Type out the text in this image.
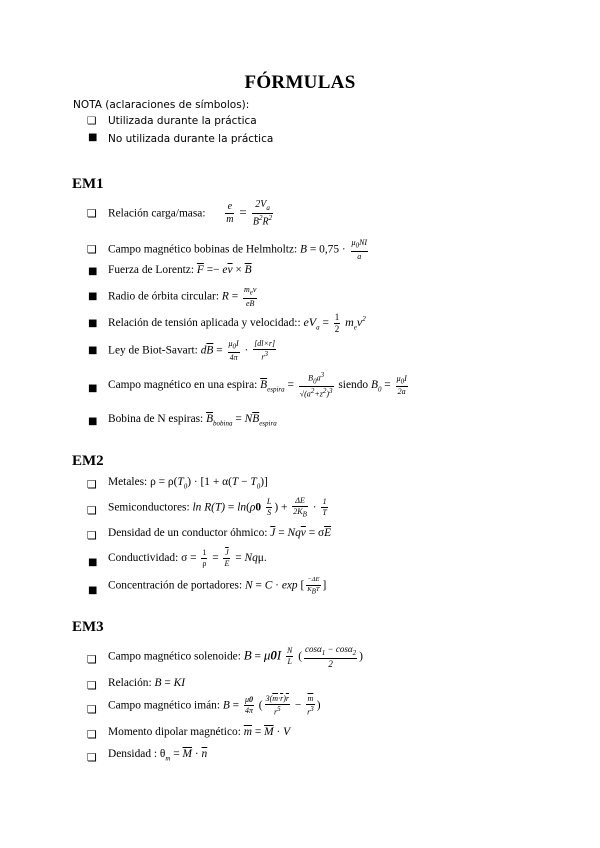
FÓRMULAS
NOTA (aclaraciones de símbolos):
❏ Utilizada durante la práctica
■ No utilizada durante la práctica
EM1
❏ Relación carga/masa: $\frac{e}{m} = \frac{2V_a}{B^2R^2}$
❏ Campo magnético bobinas de Helmholtz: $B = 0,75 \cdot \frac{\mu_0NI}{a}$
■ Fuerza de Lorentz: $\overline{F} =- e\overline{v} \times \overline{B}$
■ Radio de órbita circular: $R = \frac{m_ev}{eB}$
■ Relación de tensión aplicada y velocidad:: $eV_a = \frac{1}{2} m_ev^2$
■ Ley de Biot-Savart: $d\overline{B} = \frac{\mu_0I}{4\pi} \cdot \frac{[dl\times r]}{r^3}$
■ Campo magnético en una espira: $\overline{B}_{espira} = \frac{B_0a^3}{√(a^2+z^2)^3}$ siendo $B_0 = \frac{\mu_0I}{2a}$
■ Bobina de N espiras: $\overline{B}_{bobina} = N\overline{B}_{espira}$
EM2
❏ Metales: $\rho = \rho(T_0) \cdot [1 + \alpha(T - T_0)]$
❏ Semiconductores: $\ln R(T) = \ln(\rho 0 \frac{L}{S}$ ) + $\frac{\Delta E}{2K_B} \cdot \frac{1}{T}$
❏ Densidad de un conductor óhmico: $\overline{J} = Nq\overline{v} = \sigma\overline{E}$
■ Conductividad: $\sigma = \frac{1}{\rho} = \frac{\overline{J}}{E} = Nq\mu$.
■ Concentración de portadores: N = C · exp [ $\frac{-\Delta E}{K_BT}$ ]
EM3
❏ Campo magnético solenoide: $B = \mu 0I \frac{N}{L}$ ( $\frac{\cos\alpha_1 - \cos\alpha_2}{2}$ )
❏ Relación: B = KI
❏ Campo magnético imán: $B = \frac{\mu 0}{4\pi}$ ( $\frac{3(\overline{m}\cdot\overline{r})\overline{r}}{r^5} - \frac{\overline{m}}{r^3}$ )
❏ Momento dipolar magnético: $\overline{m} = \overline{M} \cdot V$
❏ Densidad : $\theta_m = \overline{M} \cdot \overline{n}$
